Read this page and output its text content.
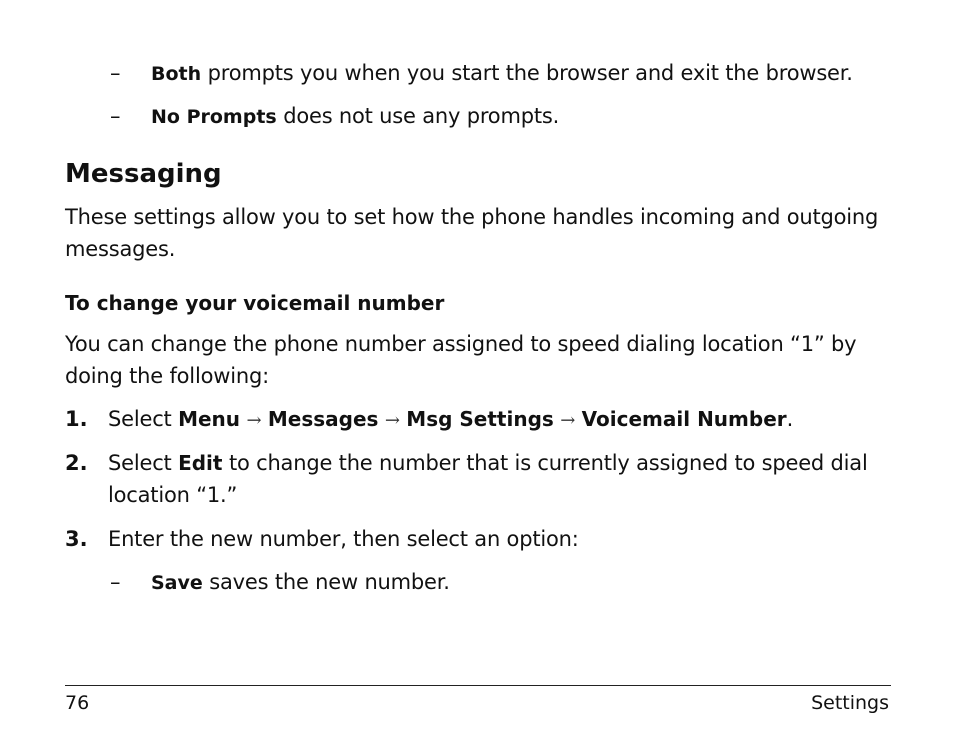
– Both prompts you when you start the browser and exit the browser.
– No Prompts does not use any prompts.
Messaging
These settings allow you to set how the phone handles incoming and outgoing messages.
To change your voicemail number
You can change the phone number assigned to speed dialing location “1” by doing the following:
1. Select Menu → Messages → Msg Settings → Voicemail Number.
2. Select Edit to change the number that is currently assigned to speed dial location “1.”
3. Enter the new number, then select an option:
– Save saves the new number.
76	Settings
